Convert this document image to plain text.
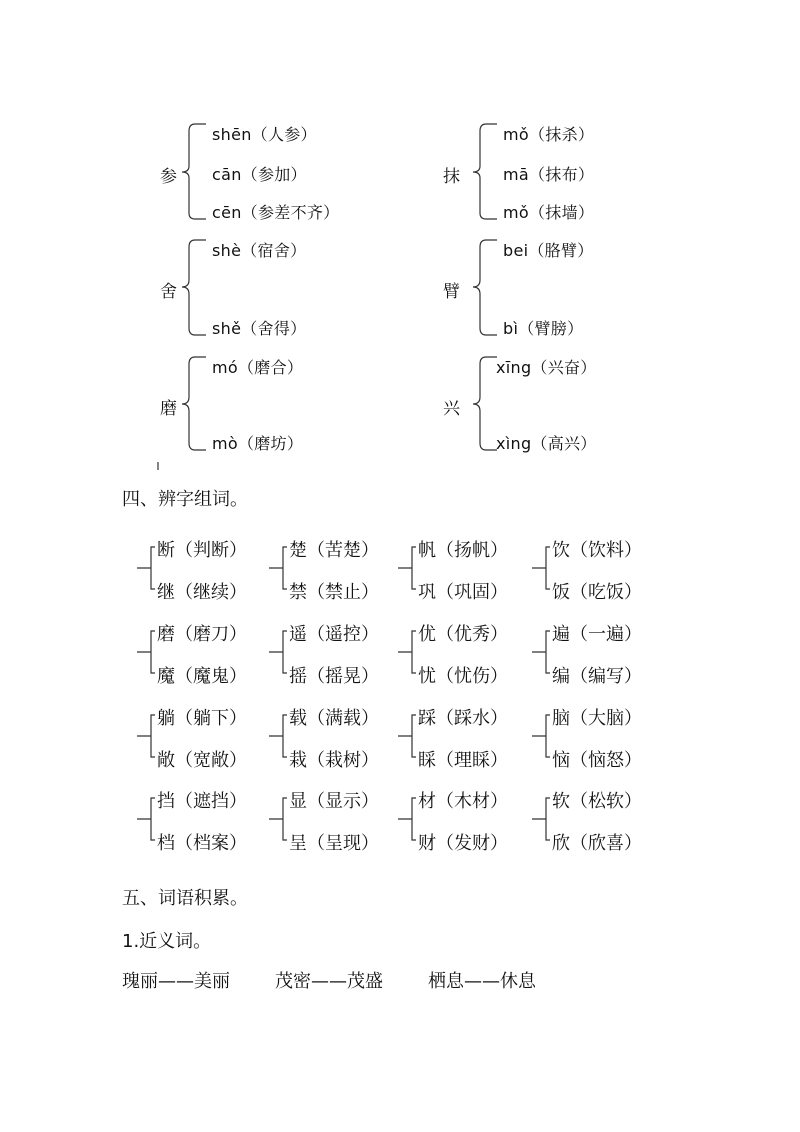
参
shēn（人参）
cān（参加）
cēn（参差不齐）
抹
mǒ（抹杀）
mā（抹布）
mǒ（抹墙）
舍
shè（宿舍）
shě（舍得）
臂
bei（胳臂）
bì（臂膀）
磨
mó（磨合）
mò（磨坊）
兴
xīng（兴奋）
xìng（高兴）
四、辨字组词。
断（判断）
继（继续）
楚（苦楚）
禁（禁止）
帆（扬帆）
巩（巩固）
饮（饮料）
饭（吃饭）
磨（磨刀）
魔（魔鬼）
遥（遥控）
摇（摇晃）
优（优秀）
忧（忧伤）
遍（一遍）
编（编写）
躺（躺下）
敞（宽敞）
载（满载）
栽（栽树）
踩（踩水）
睬（理睬）
脑（大脑）
恼（恼怒）
挡（遮挡）
档（档案）
显（显示）
呈（呈现）
材（木材）
财（发财）
软（松软）
欣（欣喜）
五、词语积累。
1.近义词。
瑰丽——美丽	茂密——茂盛	栖息——休息
